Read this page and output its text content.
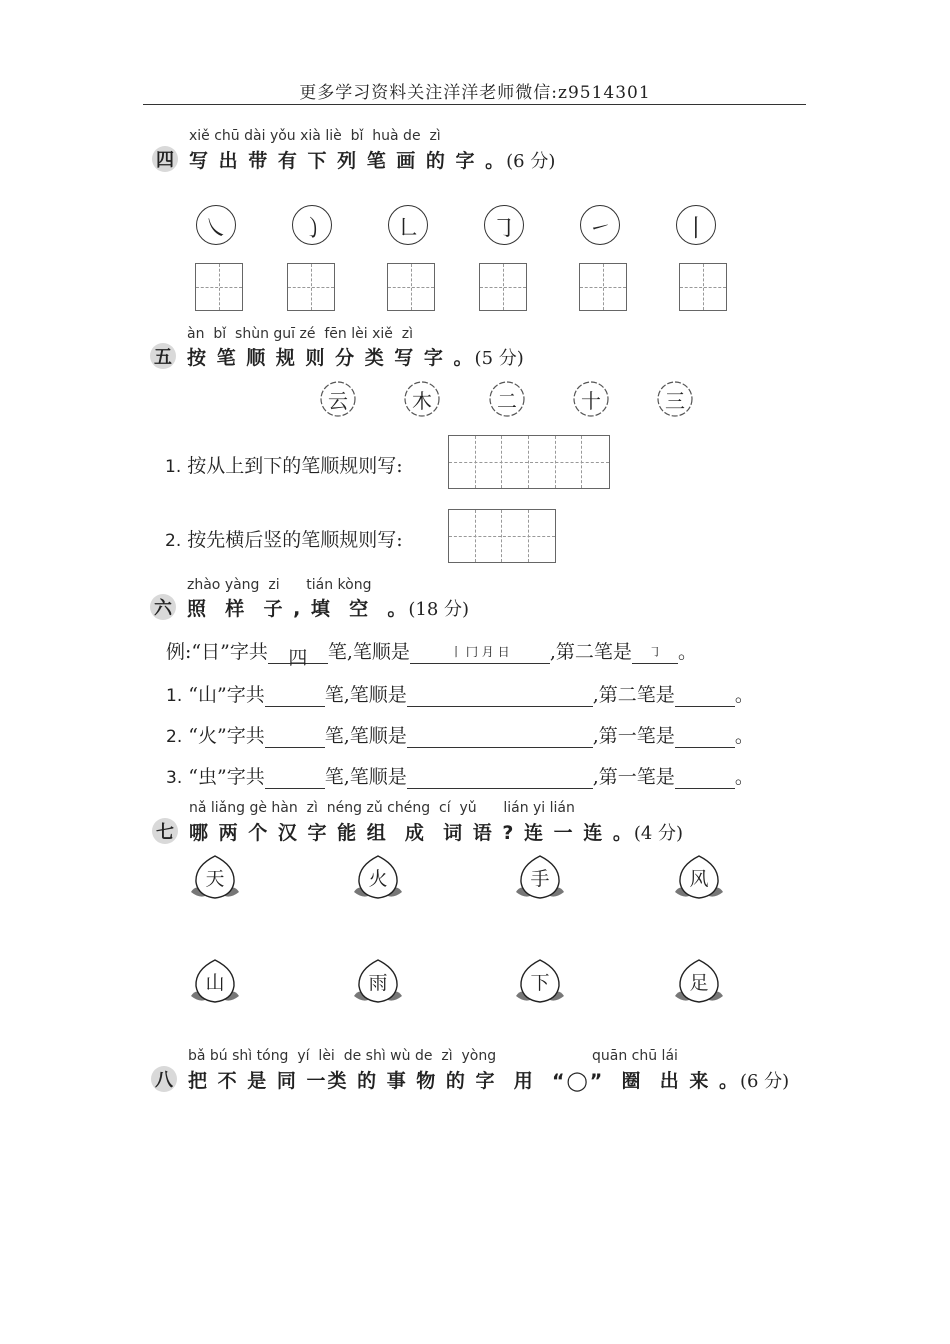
更多学习资料关注洋洋老师微信:z9514301
xiě chū dài yǒu xià liè  bǐ  huà de  zì
四 写 出 带 有 下 列 笔 画 的 字 。(6 分)
㇏	㇁	㇗	㇆	㇀	丨
àn  bǐ  shùn guī zé  fēn lèi xiě  zì
五 按 笔 顺 规 则 分 类 写 字 。(5 分)
云	木	二	十	三
1. 按从上到下的笔顺规则写:
2. 按先横后竖的笔顺规则写:
zhào yàng  zi      tián kòng
六 照  样  子 , 填  空  。(18 分)
例:“日”字共 四 笔,笔顺是	丨 冂 月 日 ,第二笔是 ㇆ 。
1. “山”字共	笔,笔顺是	,第二笔是	。
2. “火”字共	笔,笔顺是	,第一笔是	。
3. “虫”字共	笔,笔顺是	,第一笔是	。
nǎ liǎng gè hàn  zì  néng zǔ chéng  cí  yǔ      lián yi lián
七 哪 两 个 汉 字 能 组  成  词 语 ? 连 一 连 。(4 分)
天	火	手	风
山	雨	下	足
bǎ bú shì tóng  yí  lèi  de shì wù de  zì  yòng	quān chū lái
八 把 不 是 同 一类 的 事 物 的 字  用 “◯” 圈  出 来 。(6 分)
